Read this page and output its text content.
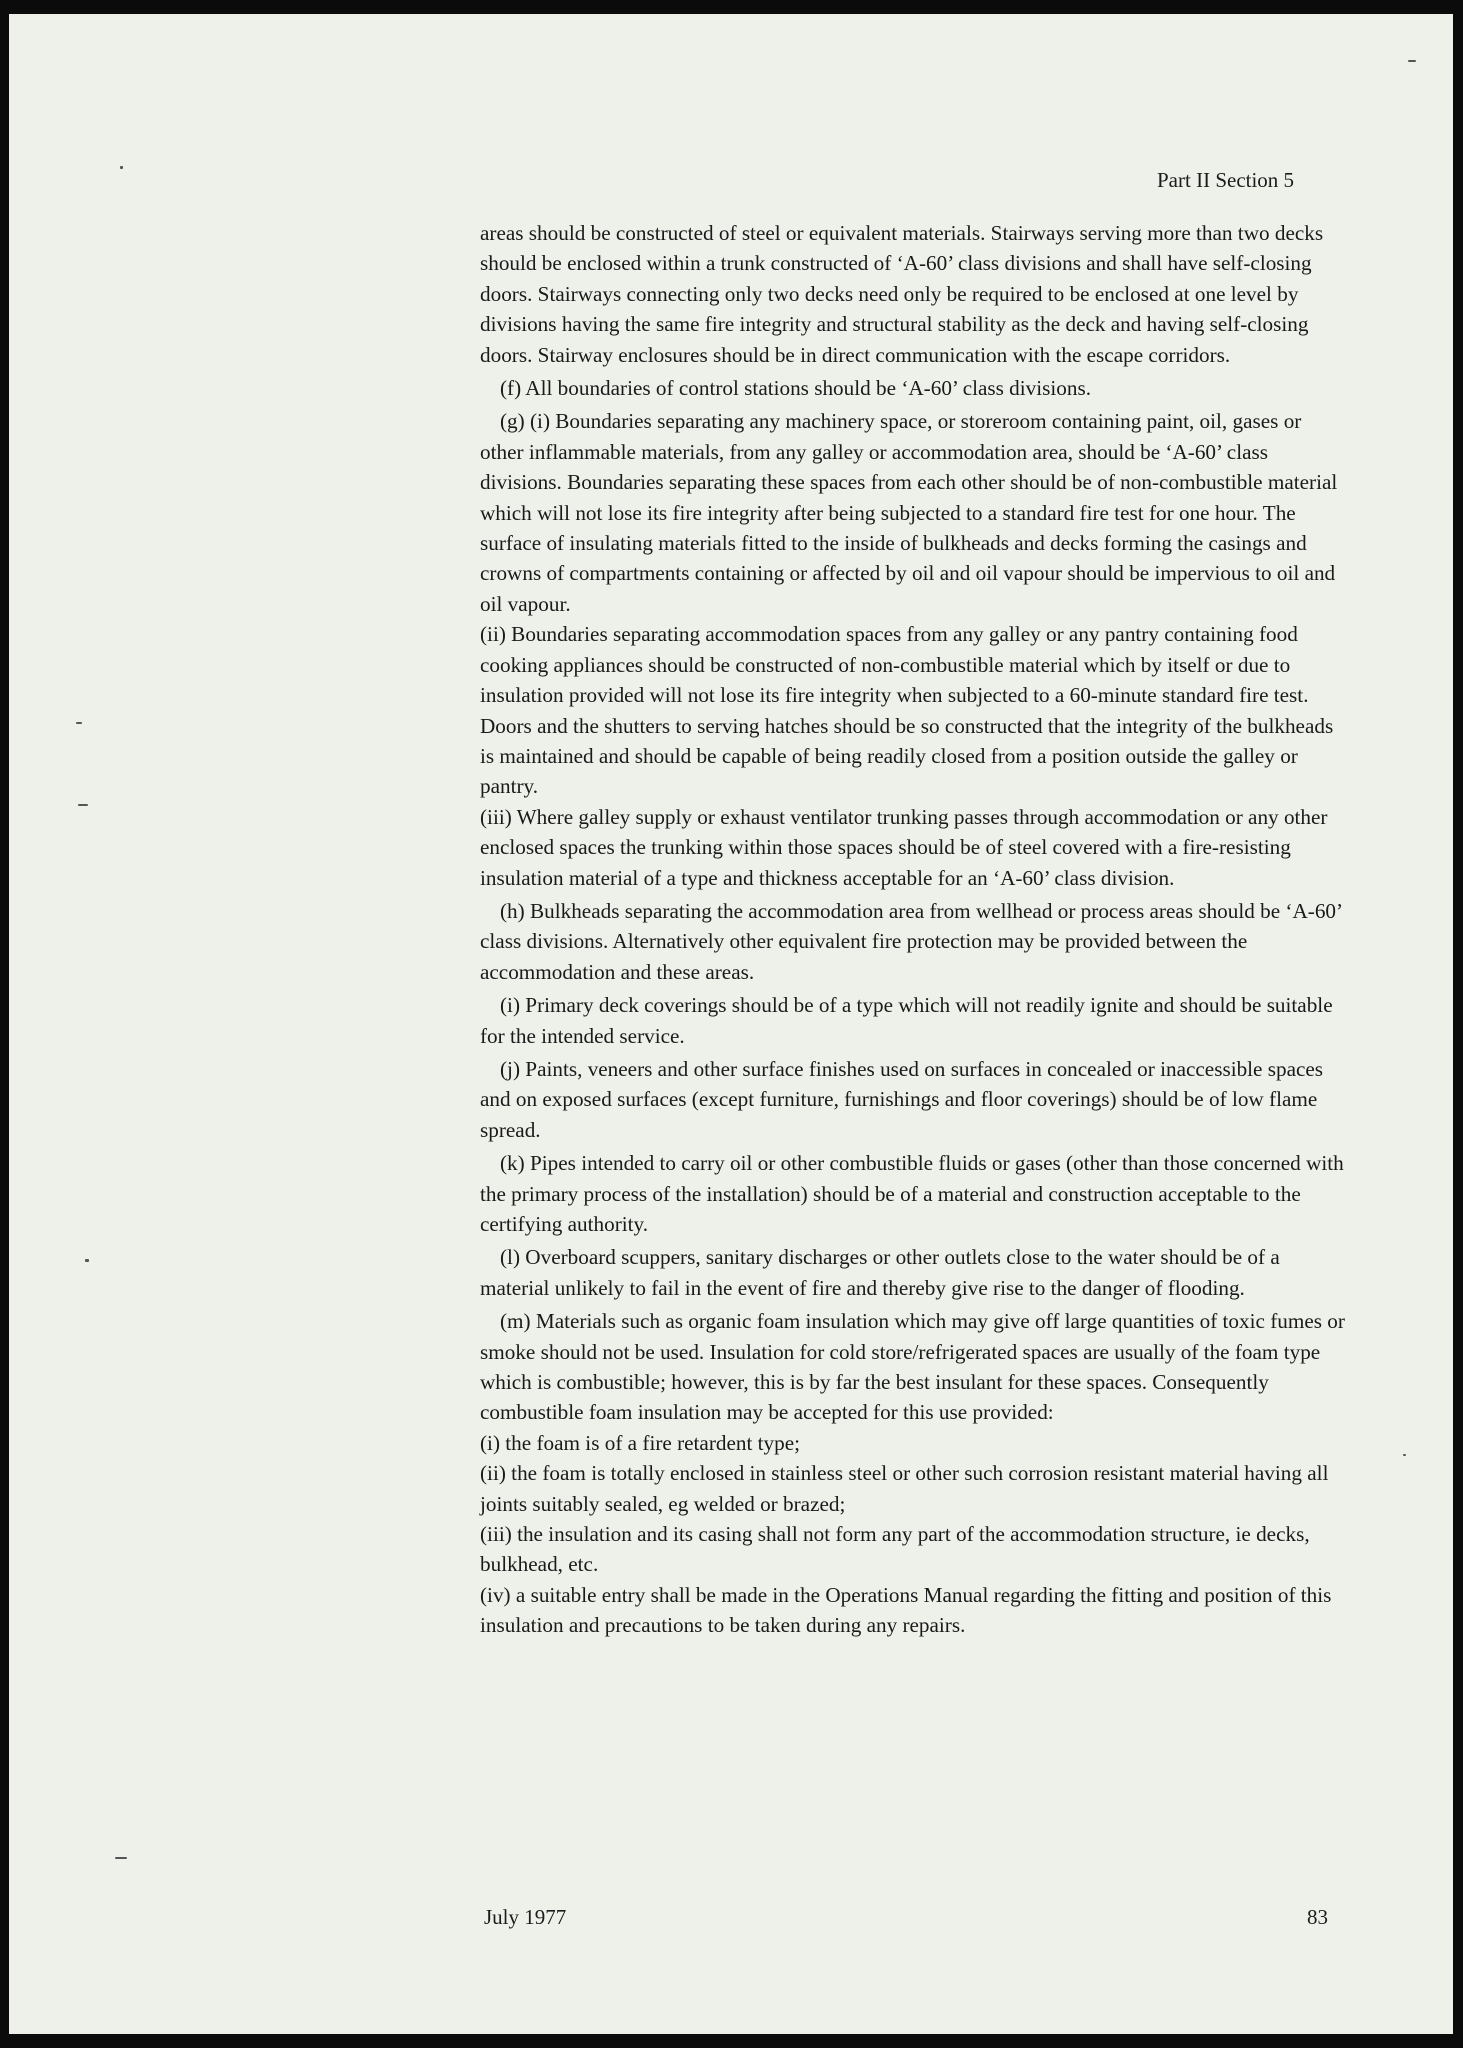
Part II Section 5

areas should be constructed of steel or equivalent materials. Stairways serving more than two decks should be enclosed within a trunk constructed of ‘A-60’ class divisions and shall have self-closing doors. Stairways connecting only two decks need only be required to be enclosed at one level by divisions having the same fire integrity and structural stability as the deck and having self-closing doors. Stairway enclosures should be in direct communication with the escape corridors.

(f) All boundaries of control stations should be ‘A-60’ class divisions.

(g) (i) Boundaries separating any machinery space, or storeroom containing paint, oil, gases or other inflammable materials, from any galley or accommodation area, should be ‘A-60’ class divisions. Boundaries separating these spaces from each other should be of non-combustible material which will not lose its fire integrity after being subjected to a standard fire test for one hour. The surface of insulating materials fitted to the inside of bulkheads and decks forming the casings and crowns of compartments containing or affected by oil and oil vapour should be impervious to oil and oil vapour.

(ii) Boundaries separating accommodation spaces from any galley or any pantry containing food cooking appliances should be constructed of non-combustible material which by itself or due to insulation provided will not lose its fire integrity when subjected to a 60-minute standard fire test. Doors and the shutters to serving hatches should be so constructed that the integrity of the bulkheads is maintained and should be capable of being readily closed from a position outside the galley or pantry.

(iii) Where galley supply or exhaust ventilator trunking passes through accommodation or any other enclosed spaces the trunking within those spaces should be of steel covered with a fire-resisting insulation material of a type and thickness acceptable for an ‘A-60’ class division.

(h) Bulkheads separating the accommodation area from wellhead or process areas should be ‘A-60’ class divisions. Alternatively other equivalent fire protection may be provided between the accommodation and these areas.

(i) Primary deck coverings should be of a type which will not readily ignite and should be suitable for the intended service.

(j) Paints, veneers and other surface finishes used on surfaces in concealed or inaccessible spaces and on exposed surfaces (except furniture, furnishings and floor coverings) should be of low flame spread.

(k) Pipes intended to carry oil or other combustible fluids or gases (other than those concerned with the primary process of the installation) should be of a material and construction acceptable to the certifying authority.

(l) Overboard scuppers, sanitary discharges or other outlets close to the water should be of a material unlikely to fail in the event of fire and thereby give rise to the danger of flooding.

(m) Materials such as organic foam insulation which may give off large quantities of toxic fumes or smoke should not be used. Insulation for cold store/refrigerated spaces are usually of the foam type which is combustible; however, this is by far the best insulant for these spaces. Consequently combustible foam insulation may be accepted for this use provided:

(i) the foam is of a fire retardent type;

(ii) the foam is totally enclosed in stainless steel or other such corrosion resistant material having all joints suitably sealed, eg welded or brazed;

(iii) the insulation and its casing shall not form any part of the accommodation structure, ie decks, bulkhead, etc.

(iv) a suitable entry shall be made in the Operations Manual regarding the fitting and position of this insulation and precautions to be taken during any repairs.

July 1977	83
